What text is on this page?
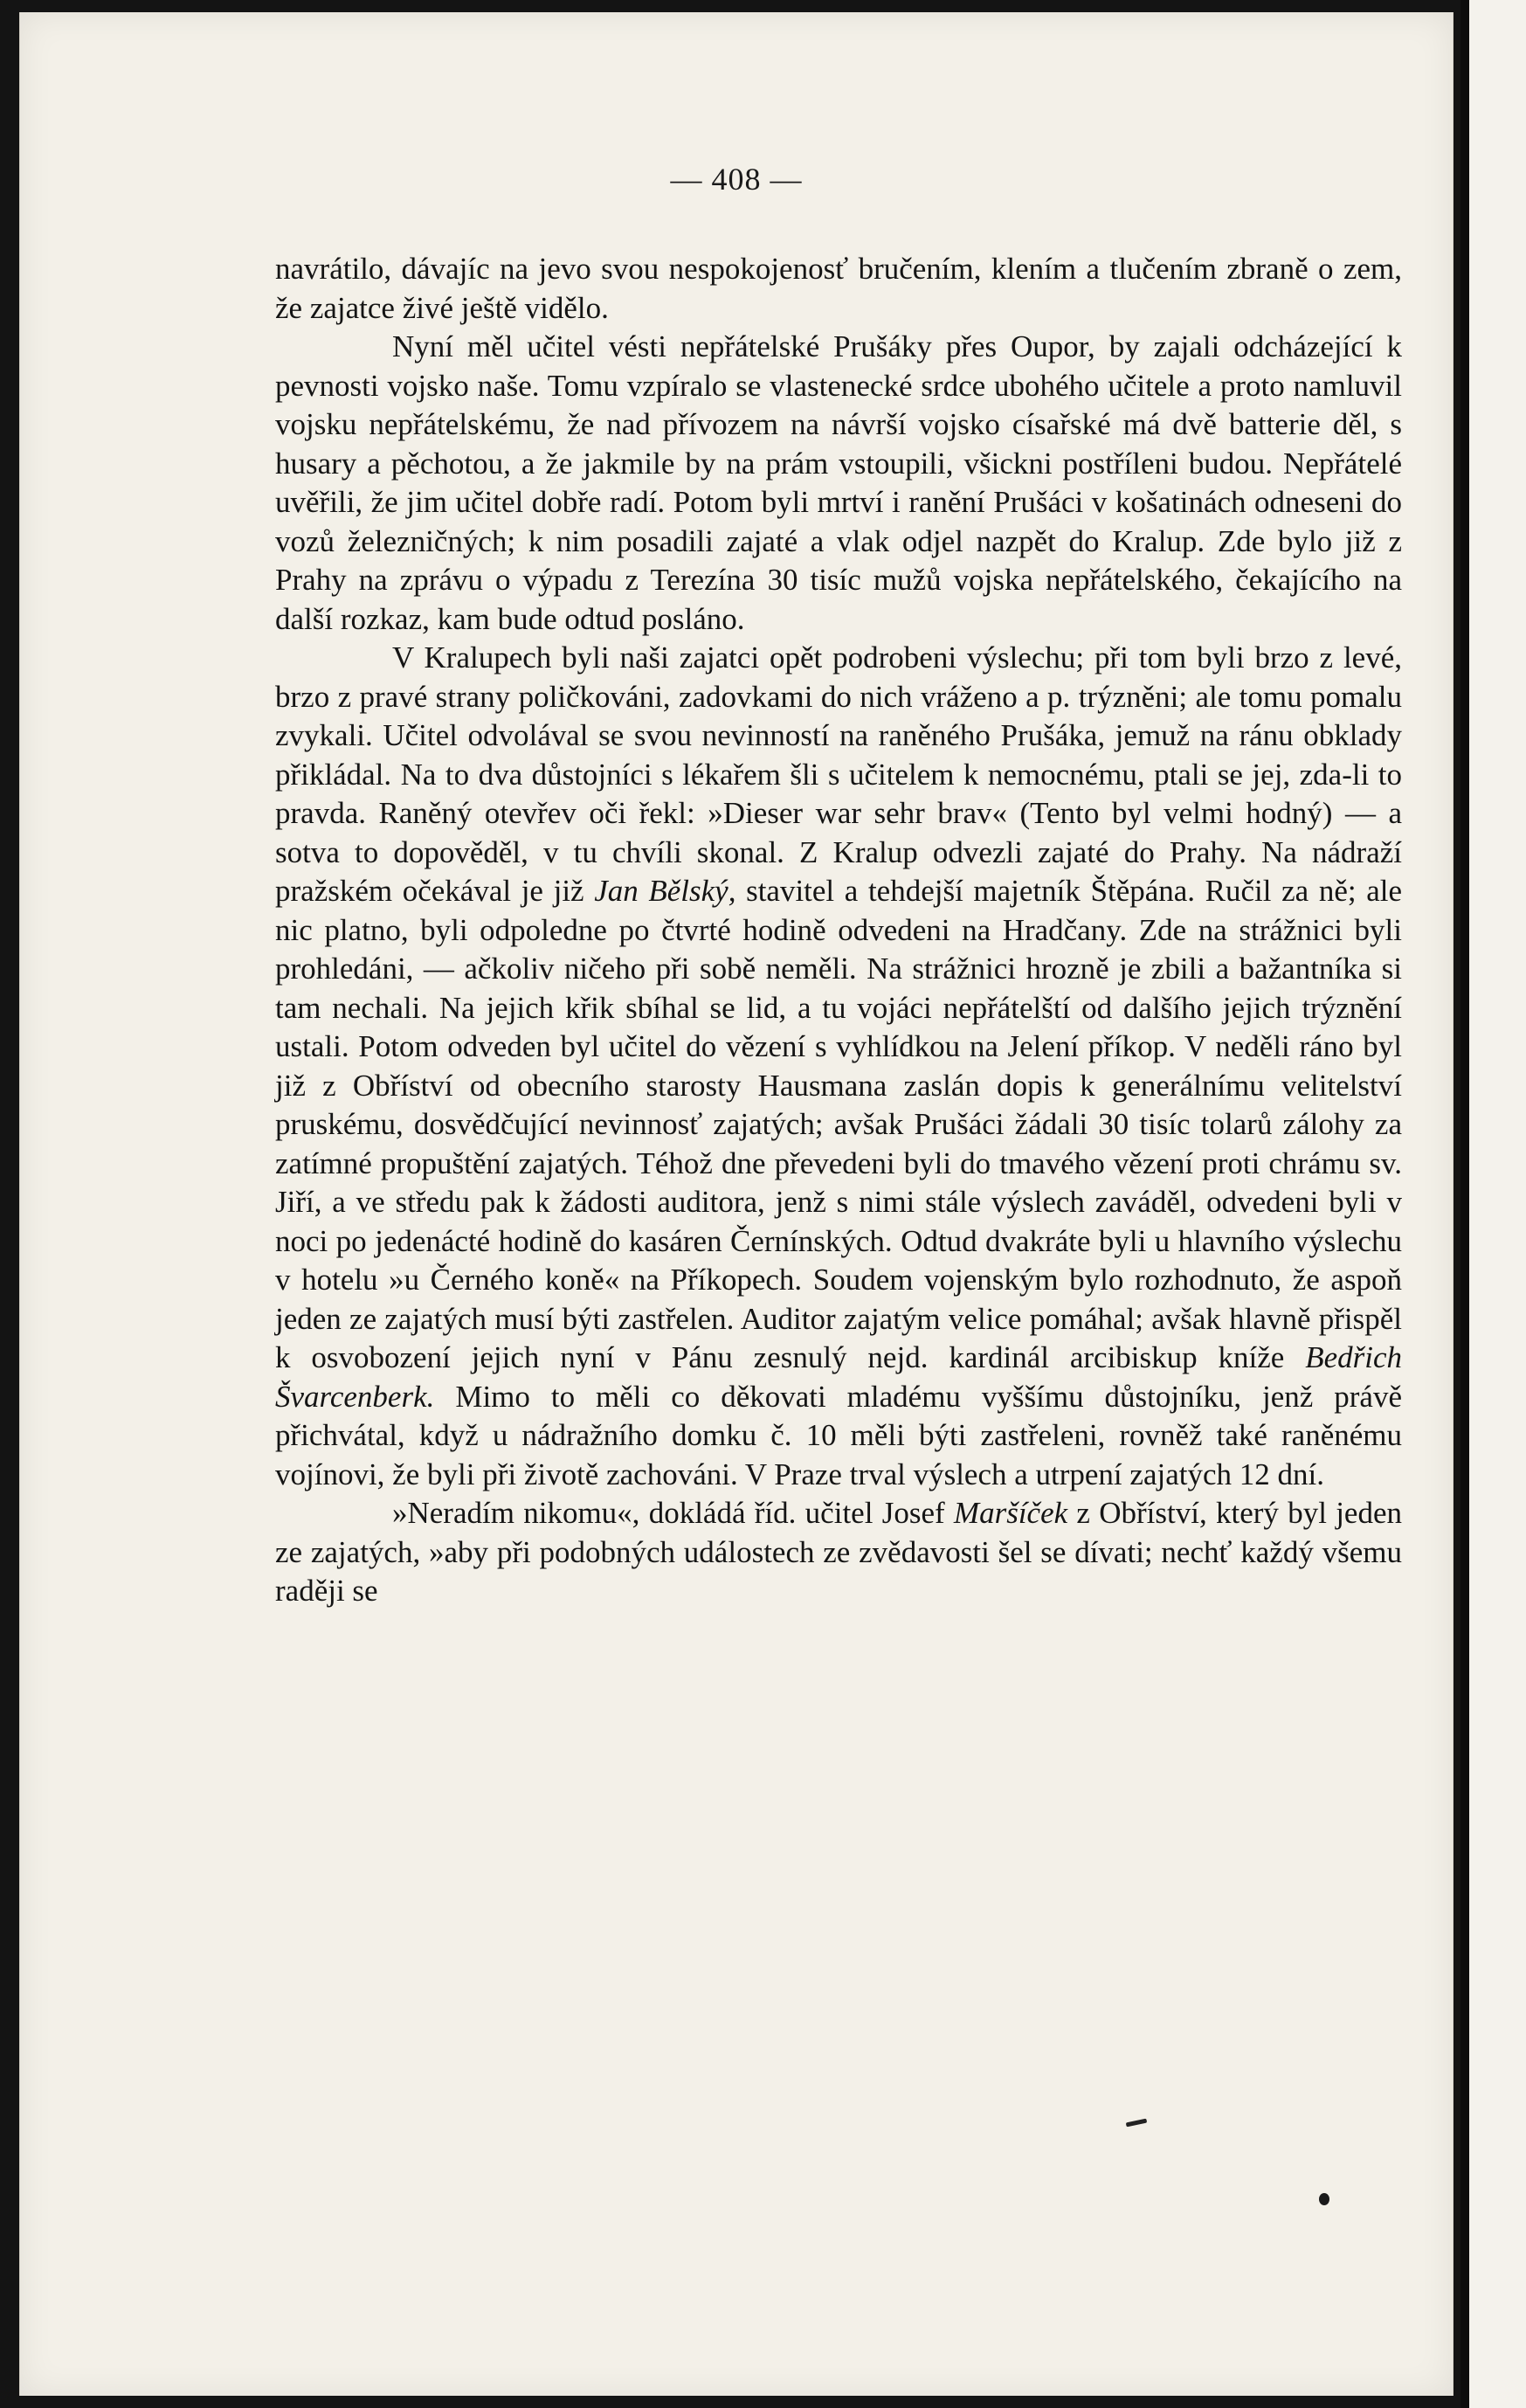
— 408 —

navrátilo, dávajíc na jevo svou nespokojenosť bručením, klením a tlučením zbraně o zem, že zajatce živé ještě vidělo.

Nyní měl učitel vésti nepřátelské Prušáky přes Oupor, by zajali odcházející k pevnosti vojsko naše. Tomu vzpíralo se vlastenecké srdce ubohého učitele a proto namluvil vojsku nepřátelskému, že nad přívozem na návrší vojsko císařské má dvě batterie děl, s husary a pěchotou, a že jakmile by na prám vstoupili, všickni postříleni budou. Nepřátelé uvěřili, že jim učitel dobře radí. Potom byli mrtví i ranění Prušáci v košatinách odneseni do vozů železničných; k nim posadili zajaté a vlak odjel nazpět do Kralup. Zde bylo již z Prahy na zprávu o výpadu z Terezína 30 tisíc mužů vojska nepřátelského, čekajícího na další rozkaz, kam bude odtud posláno.

V Kralupech byli naši zajatci opět podrobeni výslechu; při tom byli brzo z levé, brzo z pravé strany poličkováni, zadovkami do nich vráženo a p. trýzněni; ale tomu pomalu zvykali. Učitel odvolával se svou nevinností na raněného Prušáka, jemuž na ránu obklady přikládal. Na to dva důstojníci s lékařem šli s učitelem k nemocnému, ptali se jej, zda-li to pravda. Raněný otevřev oči řekl: »Dieser war sehr brav« (Tento byl velmi hodný) — a sotva to dopověděl, v tu chvíli skonal. Z Kralup odvezli zajaté do Prahy. Na nádraží pražském očekával je již Jan Bělský, stavitel a tehdejší majetník Štěpána. Ručil za ně; ale nic platno, byli odpoledne po čtvrté hodině odvedeni na Hradčany. Zde na strážnici byli prohledáni, — ačkoliv ničeho při sobě neměli. Na strážnici hrozně je zbili a bažantníka si tam nechali. Na jejich křik sbíhal se lid, a tu vojáci nepřátelští od dalšího jejich trýznění ustali. Potom odveden byl učitel do vězení s vyhlídkou na Jelení příkop. V neděli ráno byl již z Obříství od obecního starosty Hausmana zaslán dopis k generálnímu velitelství pruskému, dosvědčující nevinnosť zajatých; avšak Prušáci žádali 30 tisíc tolarů zálohy za zatímné propuštění zajatých. Téhož dne převedeni byli do tmavého vězení proti chrámu sv. Jiří, a ve středu pak k žádosti auditora, jenž s nimi stále výslech zaváděl, odvedeni byli v noci po jedenácté hodině do kasáren Černínských. Odtud dvakráte byli u hlavního výslechu v hotelu »u Černého koně« na Příkopech. Soudem vojenským bylo rozhodnuto, že aspoň jeden ze zajatých musí býti zastřelen. Auditor zajatým velice pomáhal; avšak hlavně přispěl k osvobození jejich nyní v Pánu zesnulý nejd. kardinál arcibiskup kníže Bedřich Švarcenberk. Mimo to měli co děkovati mladému vyššímu důstojníku, jenž právě přichvátal, když u nádražního domku č. 10 měli býti zastřeleni, rovněž také raněnému vojínovi, že byli při životě zachováni. V Praze trval výslech a utrpení zajatých 12 dní.

»Neradím nikomu«, dokládá říd. učitel Josef Maršíček z Obříství, který byl jeden ze zajatých, »aby při podobných událostech ze zvědavosti šel se dívati; nechť každý všemu raději se
